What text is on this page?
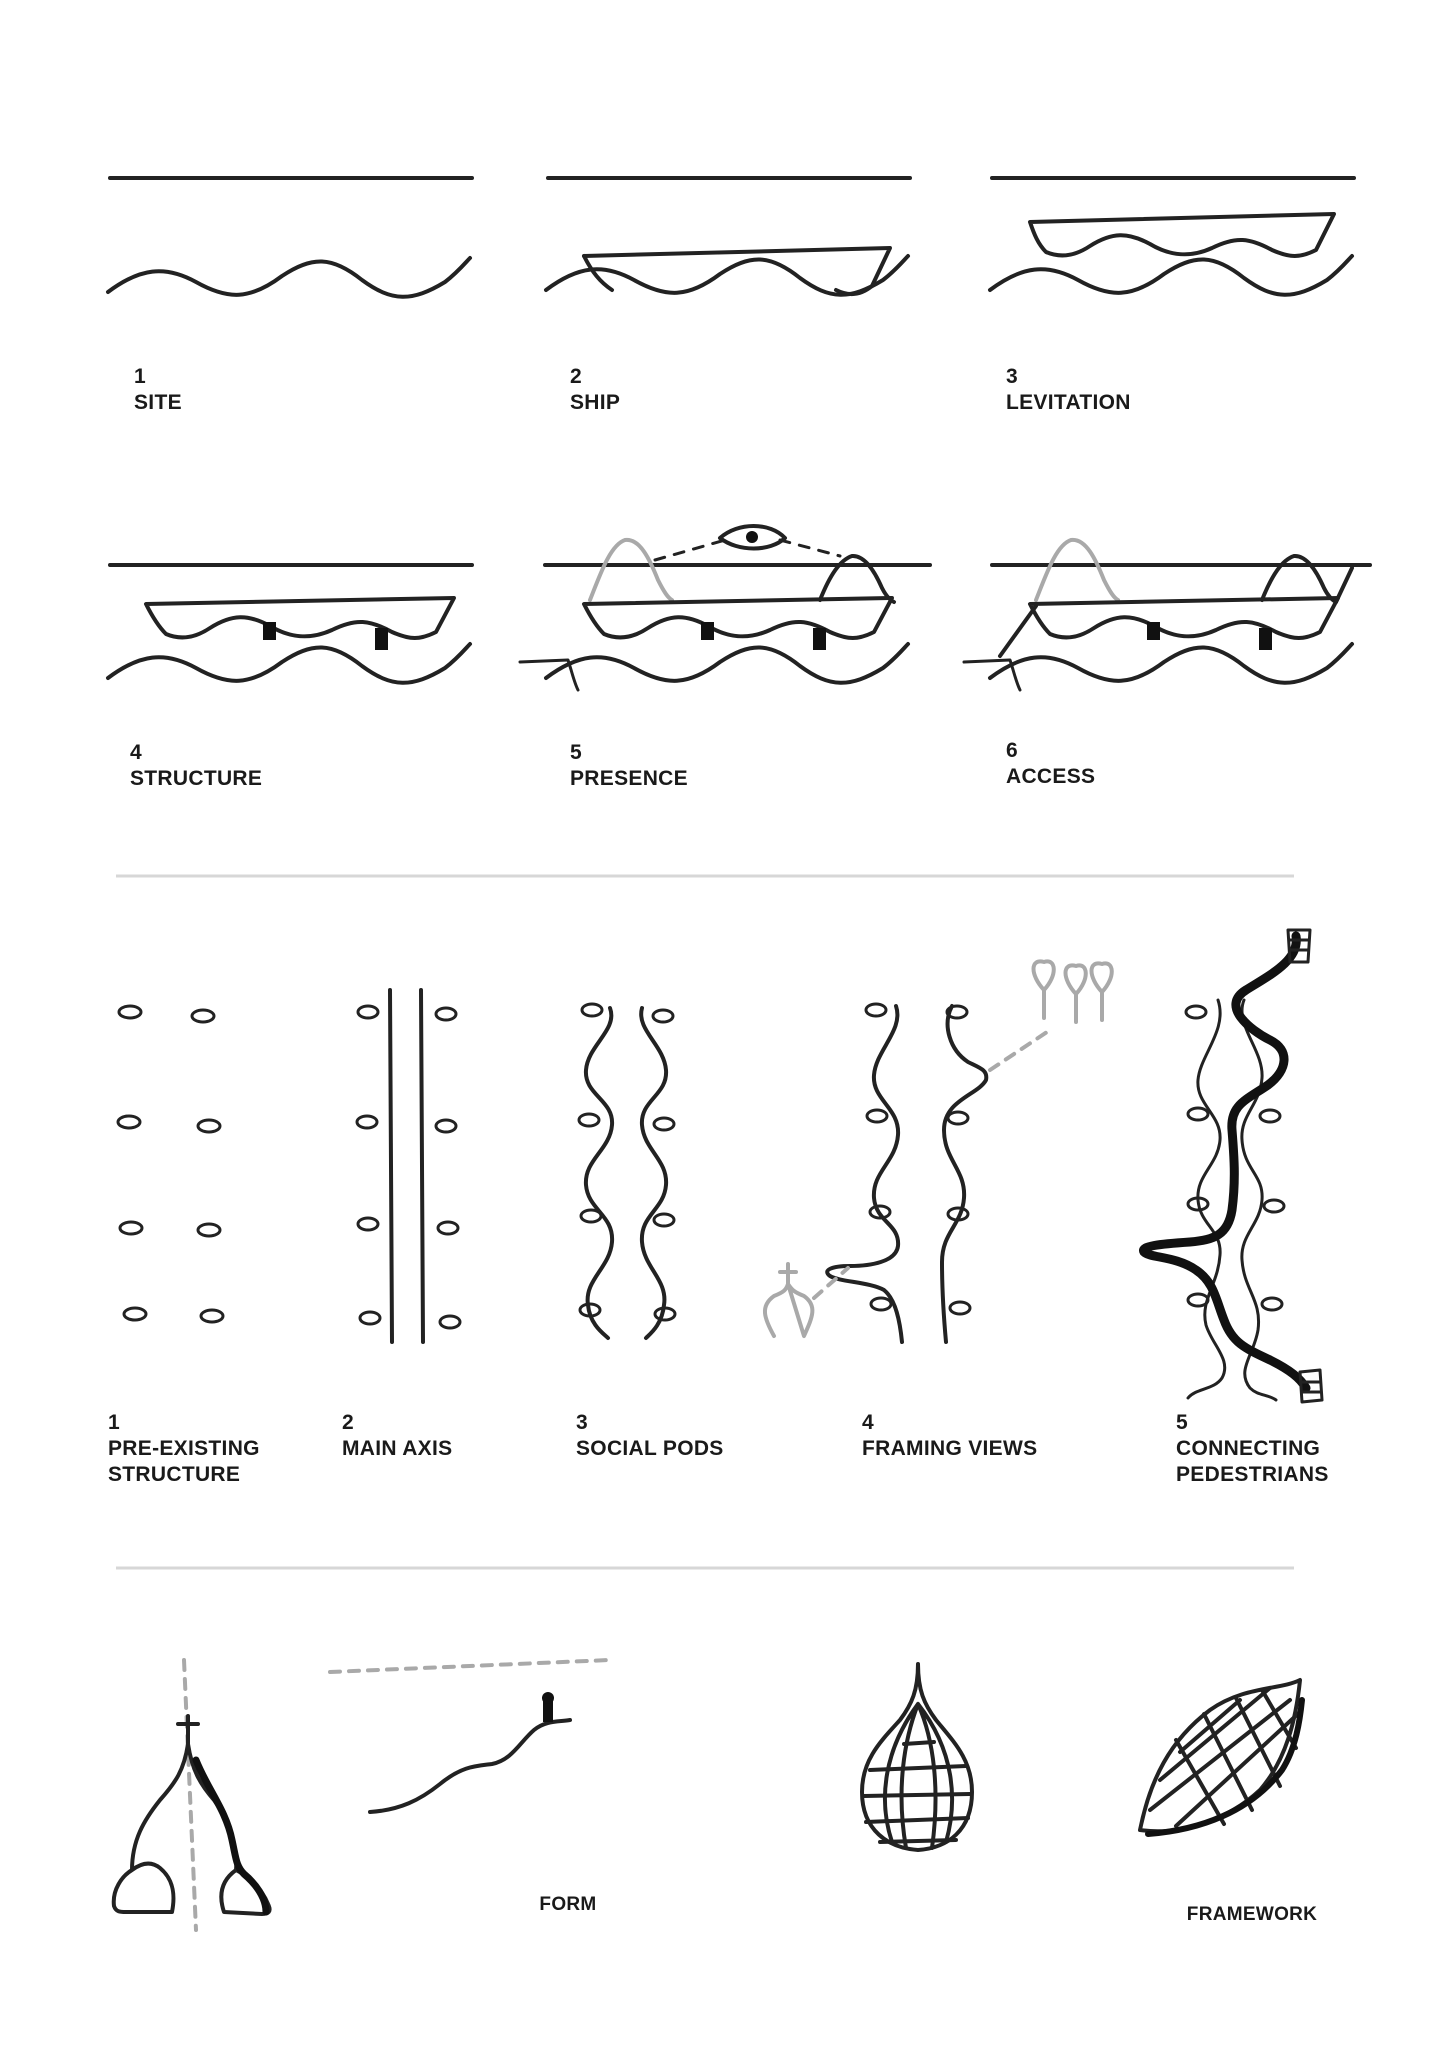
1
SITE
2
SHIP
3
LEVITATION
4
STRUCTURE
5
PRESENCE
6
ACCESS
1
PRE-EXISTING
STRUCTURE
2
MAIN AXIS
3
SOCIAL PODS
4
FRAMING VIEWS
5
CONNECTING
PEDESTRIANS
FORM	FRAMEWORK
